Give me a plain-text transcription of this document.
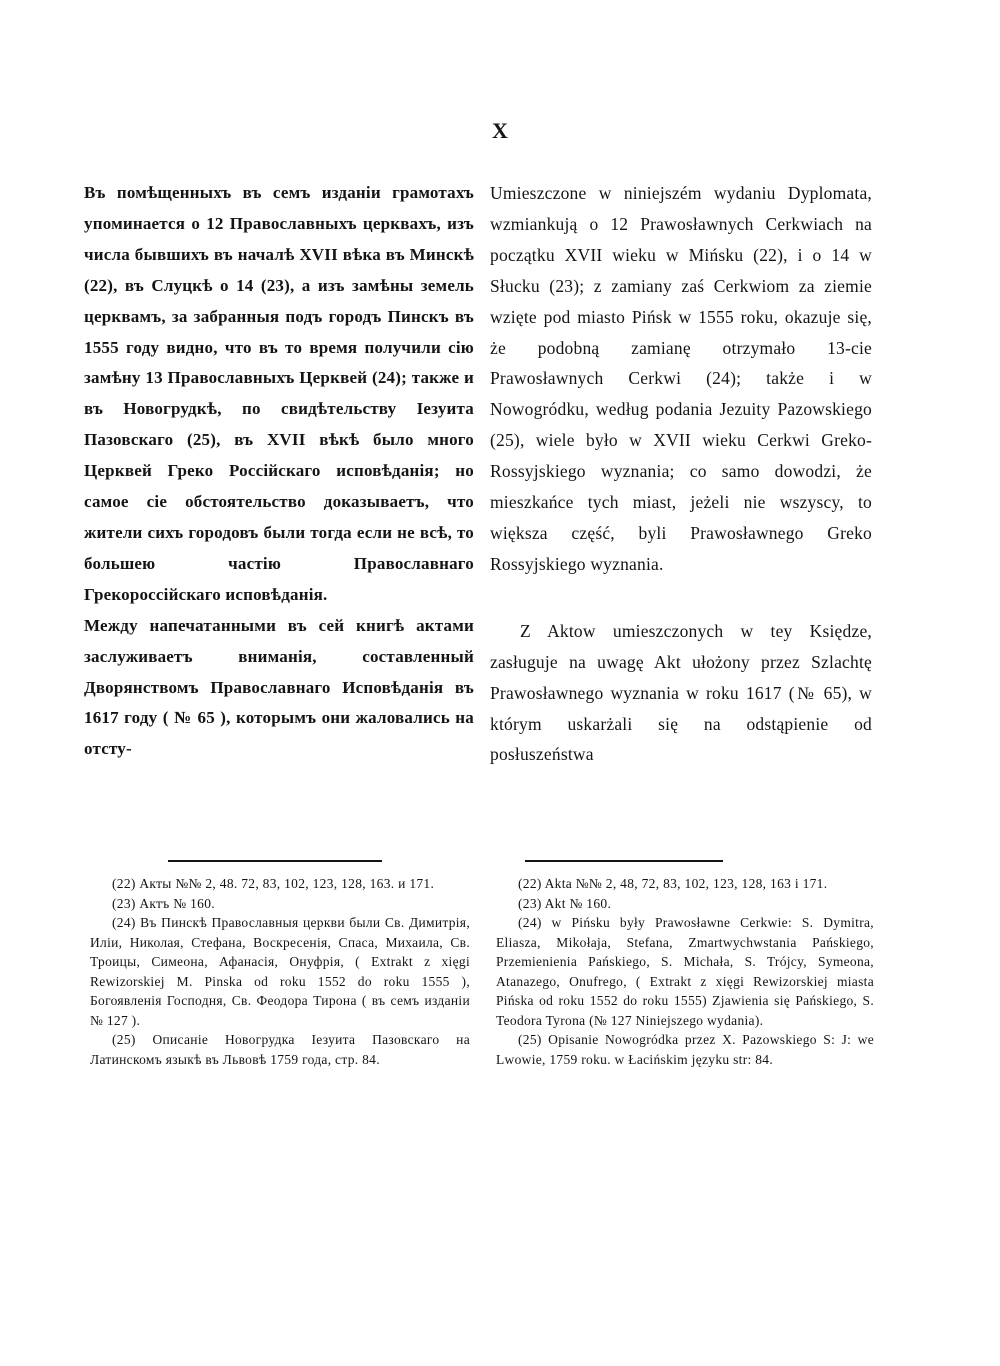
X

Въ помѣщенныхъ въ семъ изданіи грамотахъ упоминается о 12 Православныхъ церквахъ, изъ числа бывшихъ въ началѣ XVII вѣка въ Минскѣ (22), въ Слуцкѣ о 14 (23), а изъ замѣны земель церквамъ, за забранныя подъ городъ Пинскъ въ 1555 году видно, что въ то время получили сію замѣну 13 Православныхъ Церквей (24); также и въ Новогрудкѣ, по свидѣтельству Іезуита Пазовскаго (25), въ XVII вѣкѣ было много Церквей Греко Россійскаго исповѣданія; но самое сіе обстоятельство доказываетъ, что жители сихъ городовъ были тогда если не всѣ, то большею частію Православнаго Грекороссійскаго исповѣданія.

Между напечатанными въ сей книгѣ актами заслуживаетъ вниманія, составленный Дворянствомъ Православнаго Исповѣданія въ 1617 году ( № 65 ), которымъ они жаловались на отсту-

Umieszczone w niniejszém wydaniu Dyplomata, wzmiankują o 12 Prawosławnych Cerkwiach na początku XVII wieku w Mińsku (22), i o 14 w Słucku (23); z zamiany zaś Cerkwiom za ziemie wzięte pod miasto Pińsk w 1555 roku, okazuje się, że podobną zamianę otrzymało 13-cie Prawosławnych Cerkwi (24); także i w Nowogródku, według podania Jezuity Pazowskiego (25), wiele było w XVII wieku Cerkwi Greko-Rossyjskiego wyznania; co samo dowodzi, że mieszkańce tych miast, jeżeli nie wszyscy, to większa część, byli Prawosławnego Greko Rossyjskiego wyznania.

Z Aktow umieszczonych w tey Księdze, zasługuje na uwagę Akt ułożony przez Szlachtę Prawosławnego wyznania w roku 1617 (№ 65), w którym uskarżali się na odstąpienie od posłuszeństwa

(22) Акты №№ 2, 48. 72, 83, 102, 123, 128, 163. и 171.

(23) Актъ № 160.

(24) Въ Пинскѣ Православныя церкви были Св. Димитрія, Иліи, Николая, Стефана, Воскресенія, Спаса, Михаила, Св. Троицы, Симеона, Афанасія, Онуфрія, ( Extrakt z xięgi Rewizorskiej M. Pinska od roku 1552 do roku 1555 ), Богоявленія Господня, Св. Феодора Тирона ( въ семъ изданіи № 127 ).

(25) Описаніе Новогрудка Іезуита Пазовскаго на Латинскомъ языкѣ въ Львовѣ 1759 года, стр. 84.

(22) Akta №№ 2, 48, 72, 83, 102, 123, 128, 163 i 171.

(23) Akt № 160.

(24) w Pińsku były Prawosławne Cerkwie: S. Dymitra, Eliasza, Mikołaja, Stefana, Zmartwychwstania Pańskiego, Przemienienia Pańskiego, S. Michała, S. Trójcy, Symeona, Atanazego, Onufrego, ( Extrakt z xięgi Rewizorskiej miasta Pińska od roku 1552 do roku 1555) Zjawienia się Pańskiego, S. Teodora Tyrona (№ 127 Niniejszego wydania).

(25) Opisanie Nowogródka przez X. Pazowskiego S: J: we Lwowie, 1759 roku. w Łacińskim języku str: 84.
